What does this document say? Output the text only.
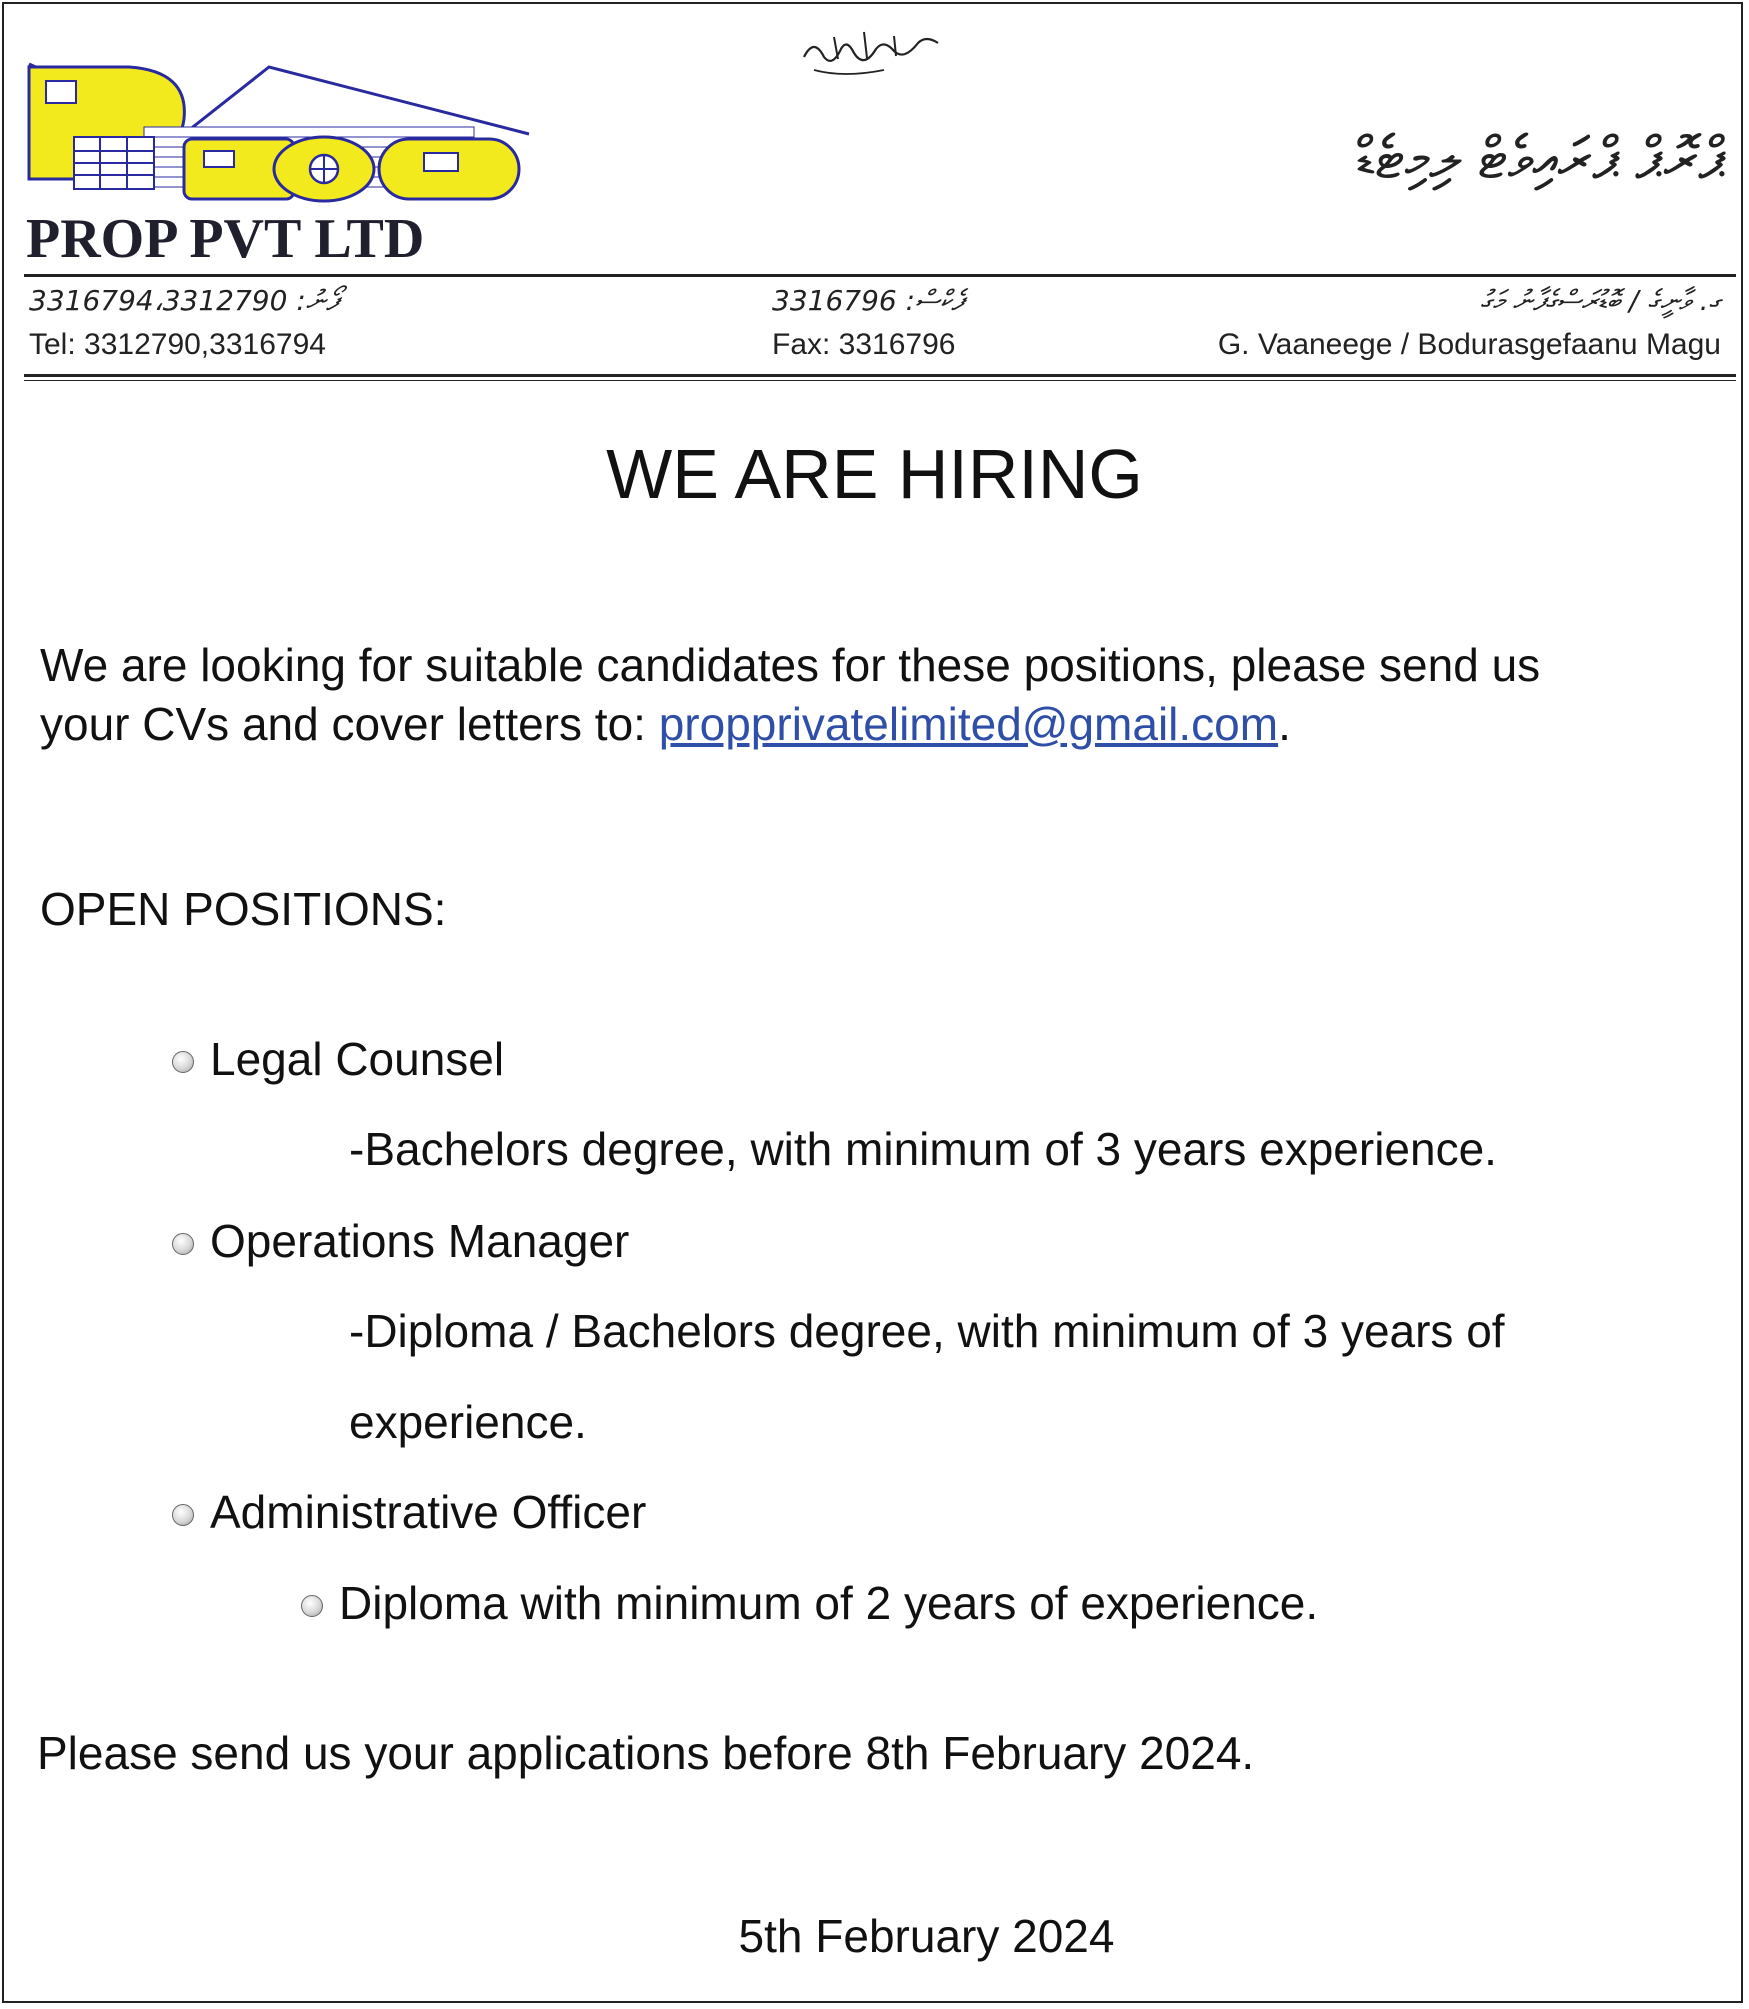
PROP PVT LTD
ޕްރޮޕް ޕްރައިވެޓް ލިމިޓެޑް
ފޯނު: 3316794،3312790	ފެކްސް: 3316796	ގ. ވާނީގެ / ބޮޑުރަސްގެފާނު މަގު
Tel: 3312790,3316794	Fax: 3316796	G. Vaaneege / Bodurasgefaanu Magu
WE ARE HIRING
We are looking for suitable candidates for these positions, please send us
your CVs and cover letters to: propprivatelimited@gmail.com.
OPEN POSITIONS:
Legal Counsel
-Bachelors degree, with minimum of 3 years experience.
Operations Manager
-Diploma / Bachelors degree, with minimum of 3 years of
experience.
Administrative Officer
Diploma with minimum of 2 years of experience.
Please send us your applications before 8th February 2024.
5th February 2024
